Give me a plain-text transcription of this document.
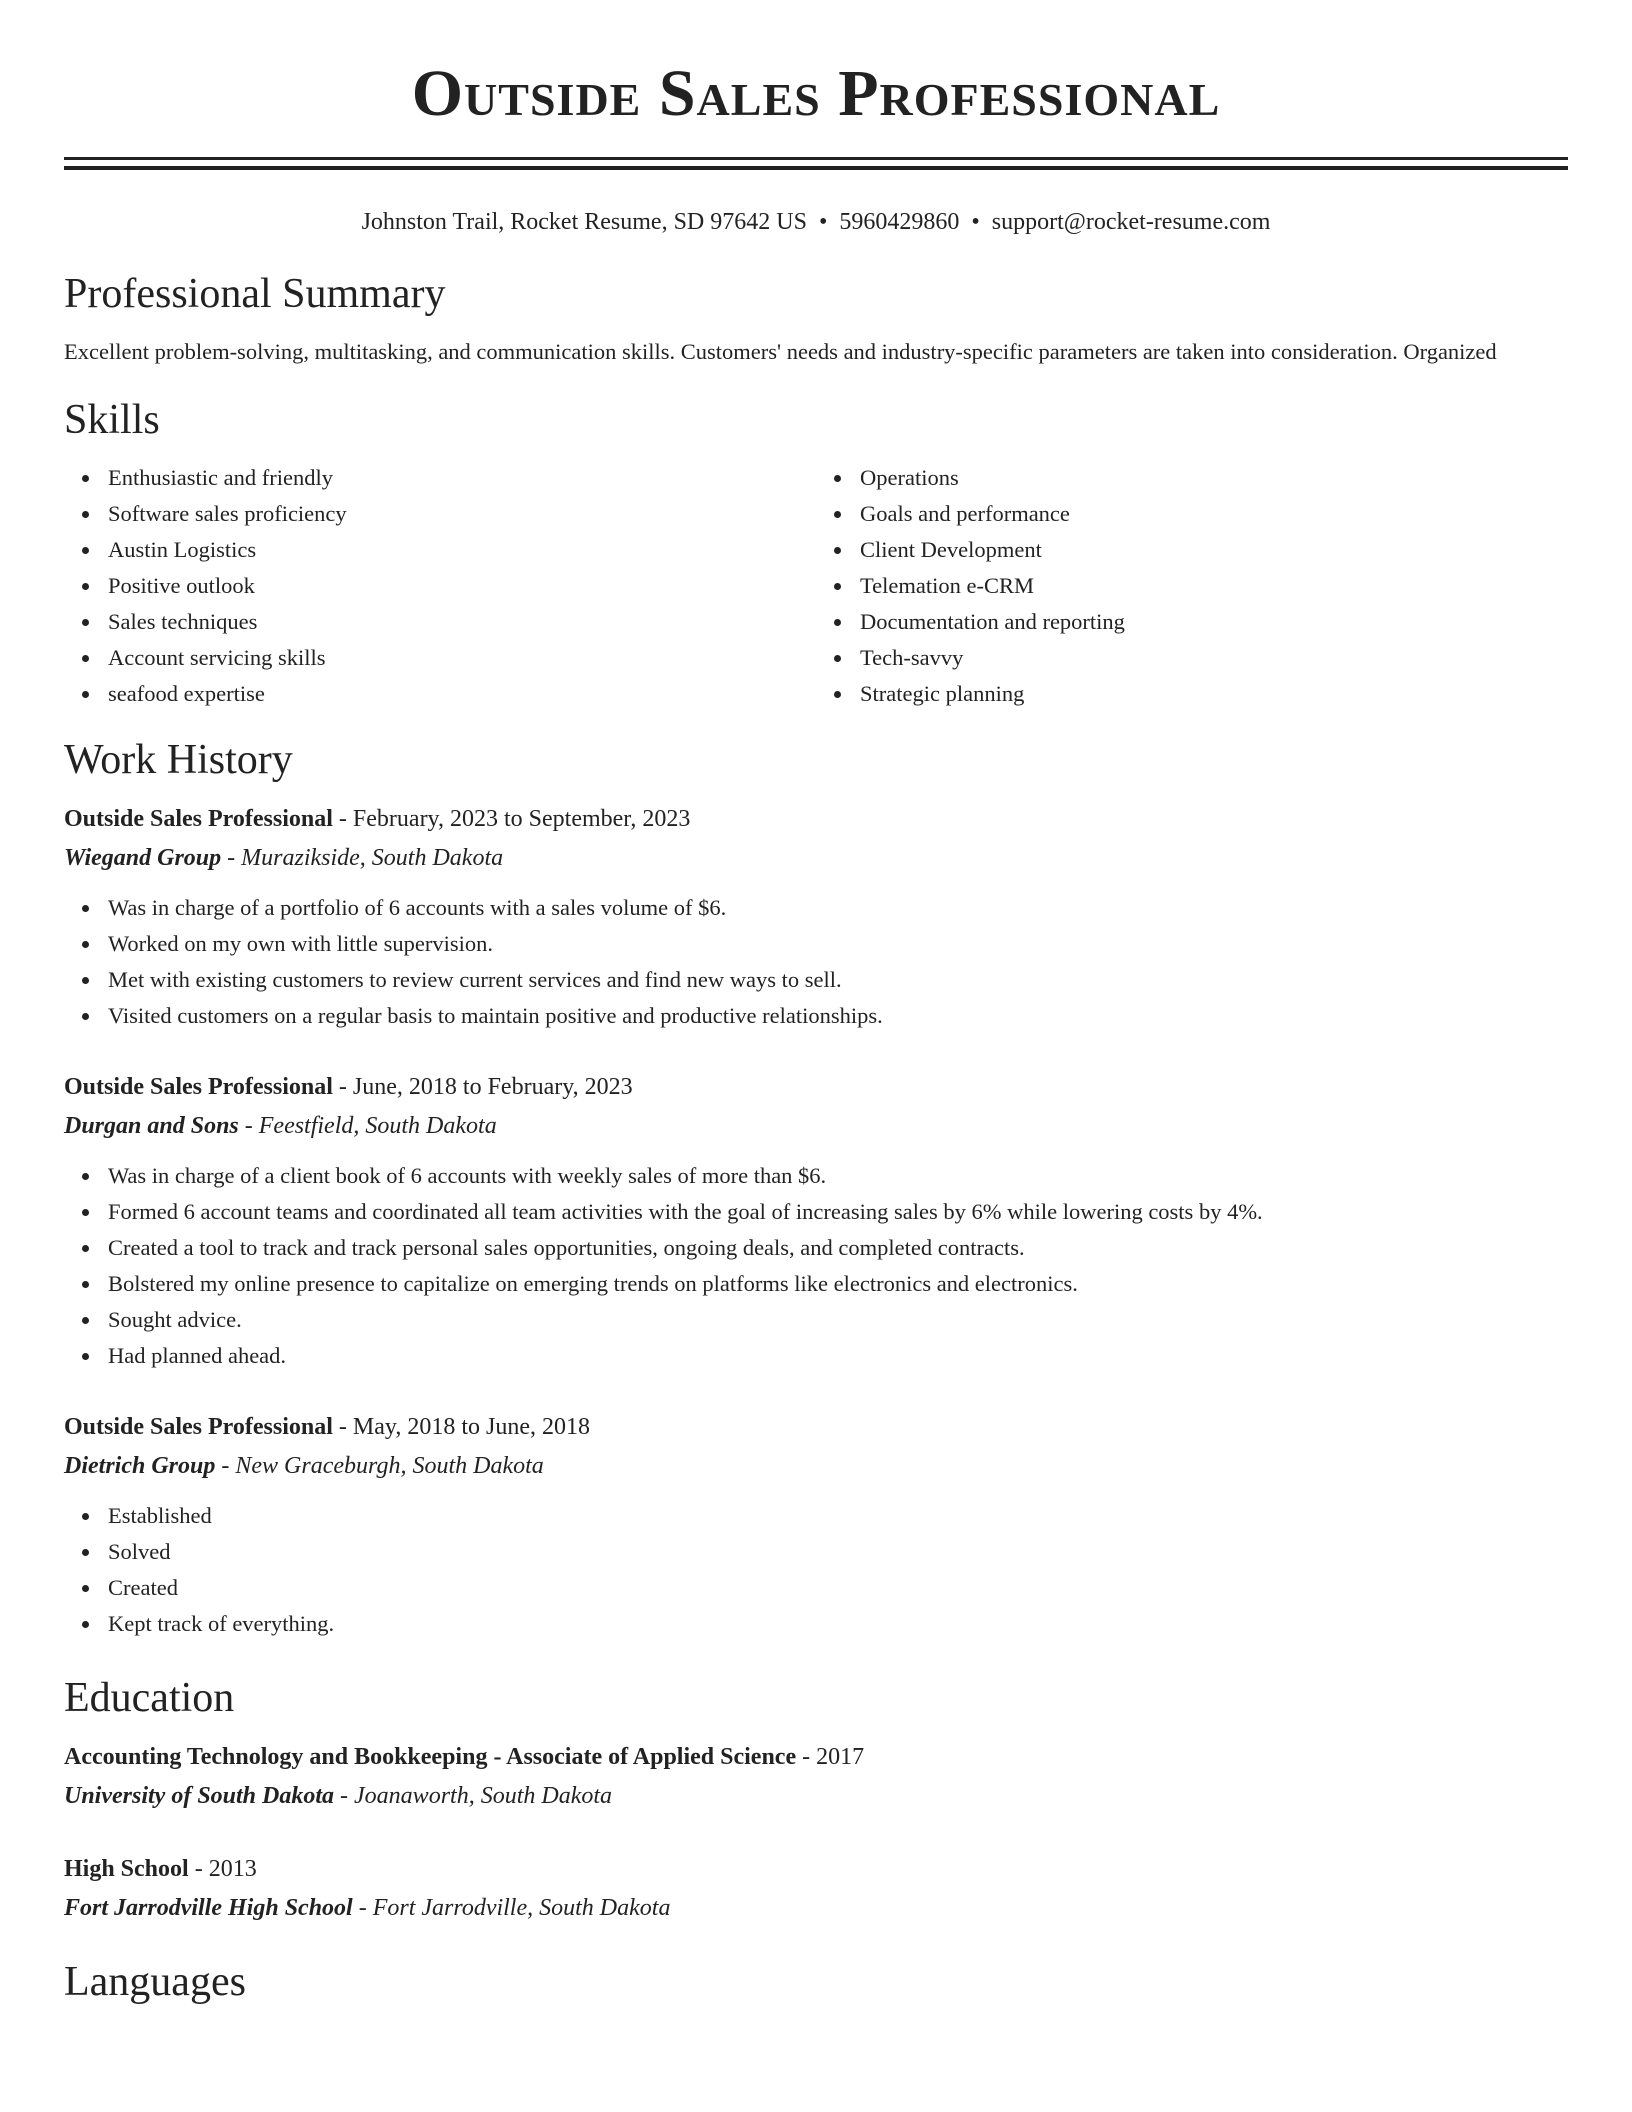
Outside Sales Professional
Johnston Trail, Rocket Resume, SD 97642 US • 5960429860 • support@rocket-resume.com
Professional Summary
Excellent problem-solving, multitasking, and communication skills. Customers' needs and industry-specific parameters are taken into consideration. Organized
Skills
Enthusiastic and friendly
Software sales proficiency
Austin Logistics
Positive outlook
Sales techniques
Account servicing skills
seafood expertise
Operations
Goals and performance
Client Development
Telemation e-CRM
Documentation and reporting
Tech-savvy
Strategic planning
Work History
Outside Sales Professional - February, 2023 to September, 2023
Wiegand Group - Murazikside, South Dakota
Was in charge of a portfolio of 6 accounts with a sales volume of $6.
Worked on my own with little supervision.
Met with existing customers to review current services and find new ways to sell.
Visited customers on a regular basis to maintain positive and productive relationships.
Outside Sales Professional - June, 2018 to February, 2023
Durgan and Sons - Feestfield, South Dakota
Was in charge of a client book of 6 accounts with weekly sales of more than $6.
Formed 6 account teams and coordinated all team activities with the goal of increasing sales by 6% while lowering costs by 4%.
Created a tool to track and track personal sales opportunities, ongoing deals, and completed contracts.
Bolstered my online presence to capitalize on emerging trends on platforms like electronics and electronics.
Sought advice.
Had planned ahead.
Outside Sales Professional - May, 2018 to June, 2018
Dietrich Group - New Graceburgh, South Dakota
Established
Solved
Created
Kept track of everything.
Education
Accounting Technology and Bookkeeping - Associate of Applied Science - 2017
University of South Dakota - Joanaworth, South Dakota
High School - 2013
Fort Jarrodville High School - Fort Jarrodville, South Dakota
Languages
